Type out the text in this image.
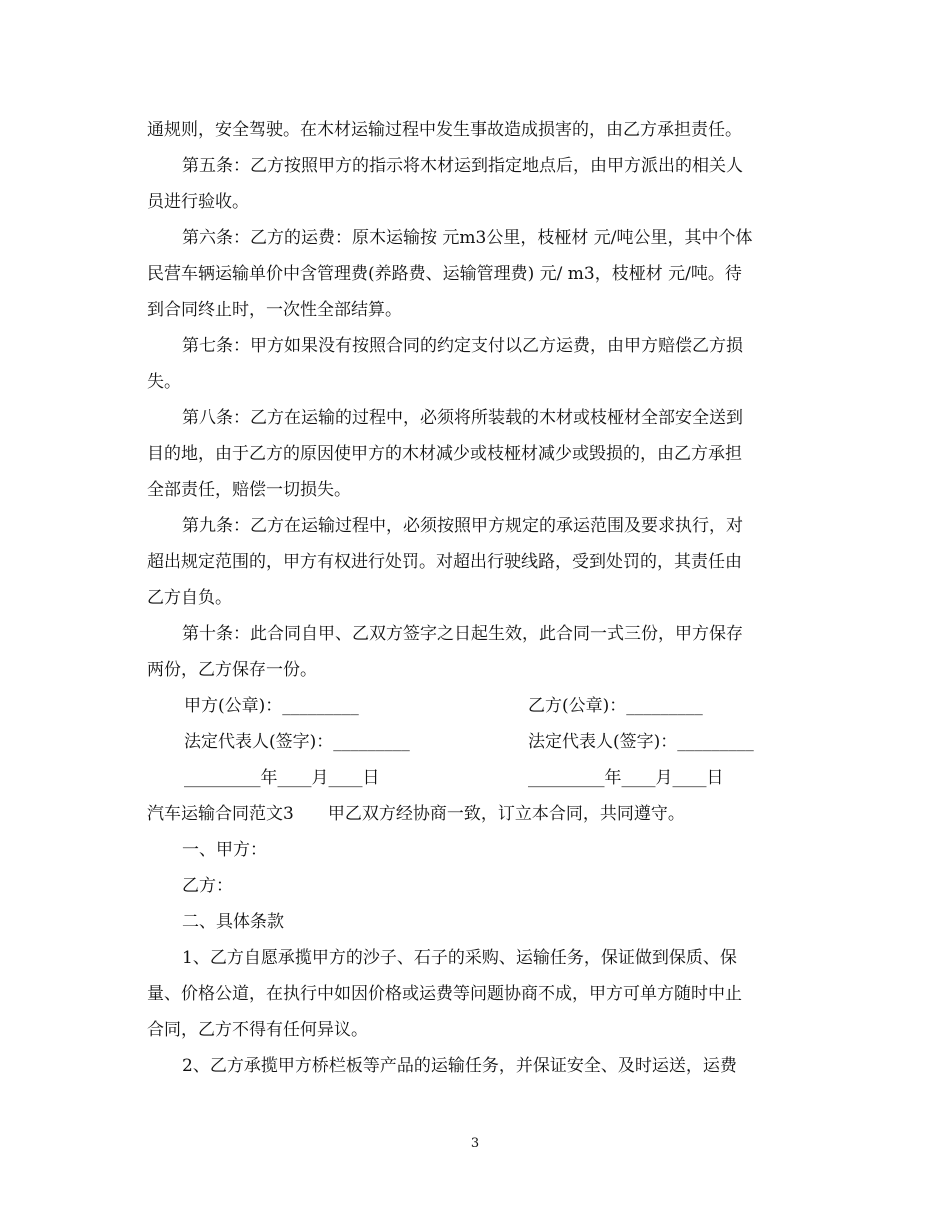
通规则，安全驾驶。在木材运输过程中发生事故造成损害的，由乙方承担责任。
第五条：乙方按照甲方的指示将木材运到指定地点后，由甲方派出的相关人
员进行验收。
第六条：乙方的运费：原木运输按 元m3公里，枝桠材 元/吨公里，其中个体
民营车辆运输单价中含管理费(养路费、运输管理费) 元/ m3，枝桠材 元/吨。待
到合同终止时，一次性全部结算。
第七条：甲方如果没有按照合同的约定支付以乙方运费，由甲方赔偿乙方损
失。
第八条：乙方在运输的过程中，必须将所装载的木材或枝桠材全部安全送到
目的地，由于乙方的原因使甲方的木材减少或枝桠材减少或毁损的，由乙方承担
全部责任，赔偿一切损失。
第九条：乙方在运输过程中，必须按照甲方规定的承运范围及要求执行，对
超出规定范围的，甲方有权进行处罚。对超出行驶线路，受到处罚的，其责任由
乙方自负。
第十条：此合同自甲、乙双方签字之日起生效，此合同一式三份，甲方保存
两份，乙方保存一份。
甲方(公章)：_________	乙方(公章)：_________
法定代表人(签字)：_________	法定代表人(签字)：_________
_________年____月____日	_________年____月____日
汽车运输合同范文3　　甲乙双方经协商一致，订立本合同，共同遵守。
一、甲方：
乙方：
二、具体条款
1、乙方自愿承揽甲方的沙子、石子的采购、运输任务，保证做到保质、保
量、价格公道，在执行中如因价格或运费等问题协商不成，甲方可单方随时中止
合同，乙方不得有任何异议。
2、乙方承揽甲方桥栏板等产品的运输任务，并保证安全、及时运送，运费
3
